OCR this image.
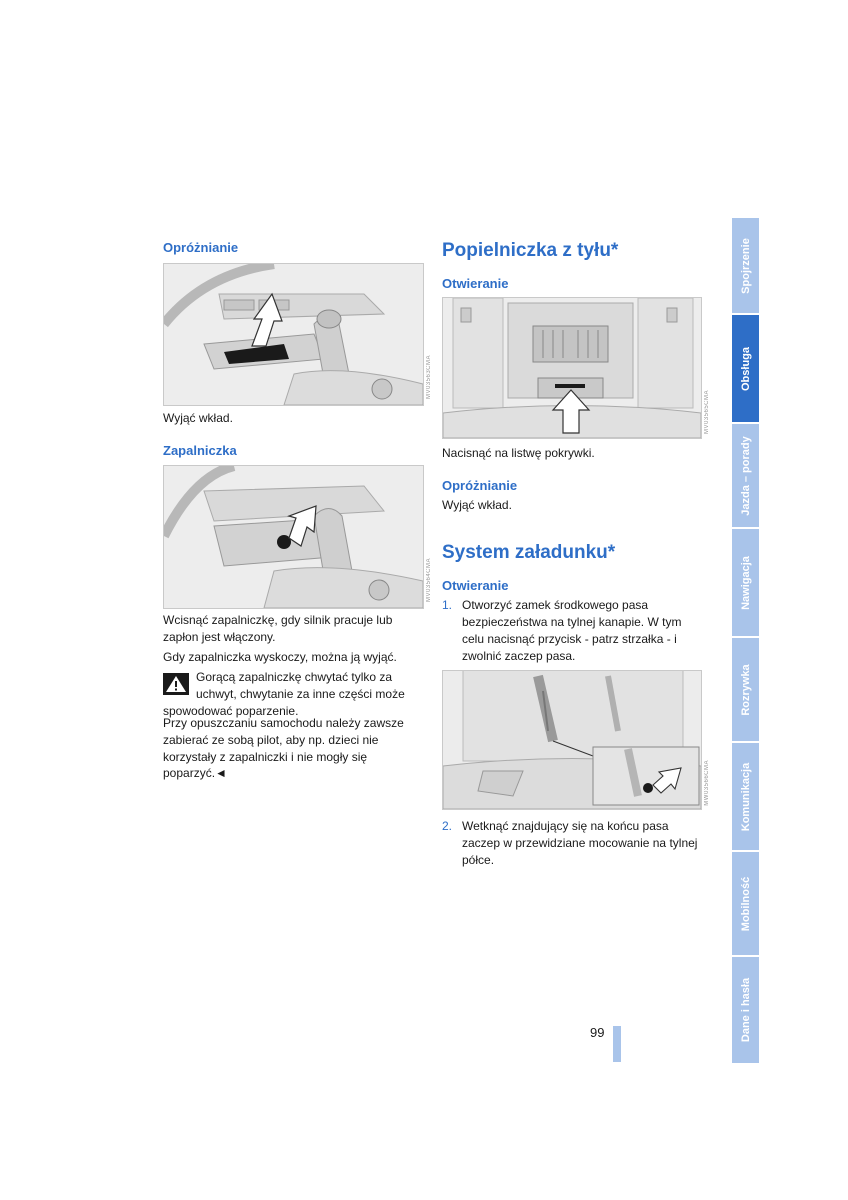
Opróżnianie
MV03563CMA
Wyjąć wkład.
Zapalniczka
MV03564CMA
Wcisnąć zapalniczkę, gdy silnik pracuje lub
zapłon jest włączony.
Gdy zapalniczka wyskoczy, można ją wyjąć.
Gorącą zapalniczkę chwytać tylko za
uchwyt, chwytanie za inne części może
spowodować poparzenie.
Przy opuszczaniu samochodu należy zawsze
zabierać ze sobą pilot, aby np. dzieci nie
korzystały z zapalniczki i nie mogły się
poparzyć.◄
Popielniczka z tyłu*
Otwieranie
MV03565CMA
Nacisnąć na listwę pokrywki.
Opróżnianie
Wyjąć wkład.
System załadunku*
Otwieranie
1. Otworzyć zamek środkowego pasa
bezpieczeństwa na tylnej kanapie. W tym
celu nacisnąć przycisk - patrz strzałka - i
zwolnić zaczep pasa.
MW03566CMA
2. Wetknąć znajdujący się na końcu pasa
zaczep w przewidziane mocowanie na tylnej
półce.
Spojrzenie
Obsługa
Jazda – porady
Nawigacja
Rozrywka
Komunikacja
Mobilność
Dane i hasła
99
